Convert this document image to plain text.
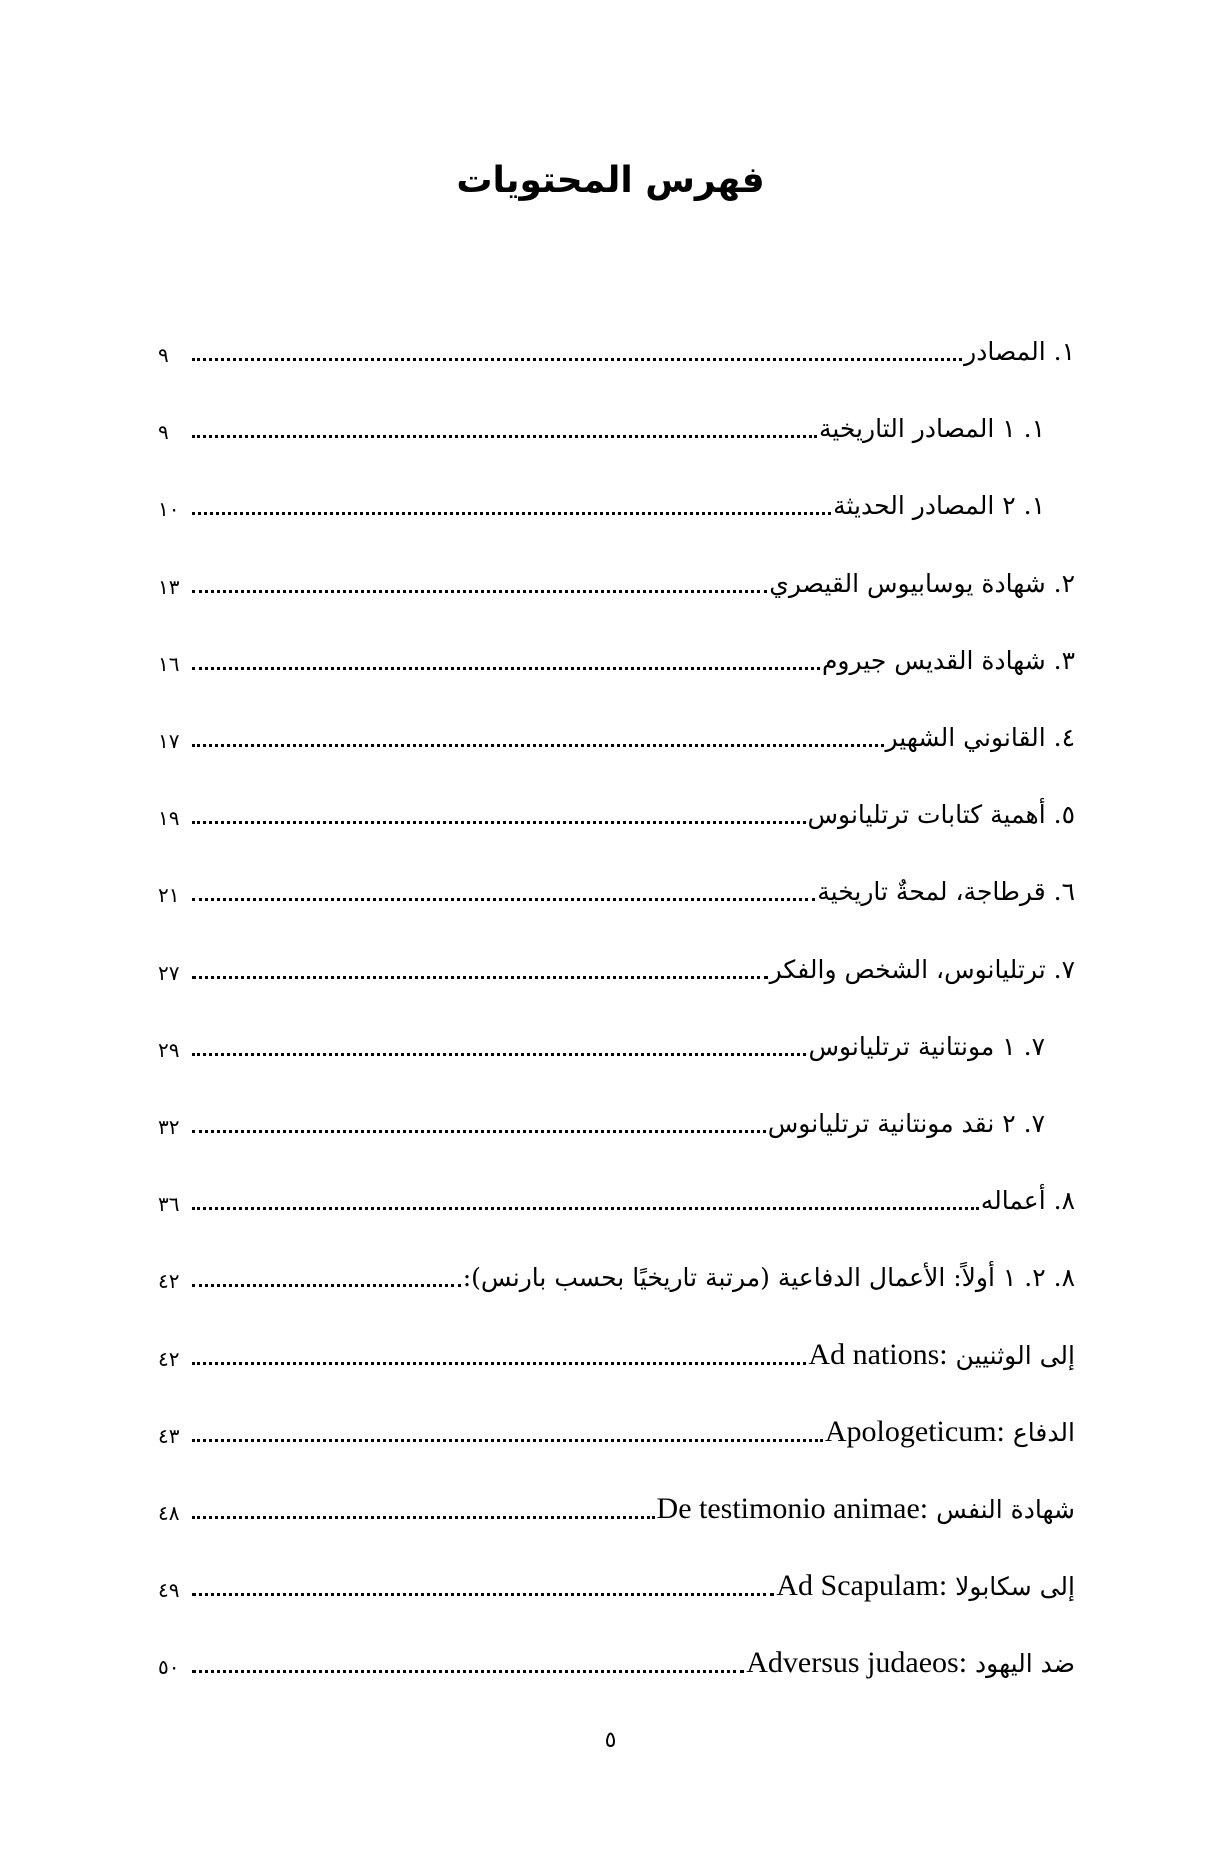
فهرس المحتويات
١. المصادر
٩
١. ١ المصادر التاريخية
٩
١. ٢ المصادر الحديثة
١٠
٢. شهادة يوسابيوس القيصري
١٣
٣. شهادة القديس جيروم
١٦
٤. القانوني الشهير
١٧
٥. أهمية كتابات ترتليانوس
١٩
٦. قرطاجة، لمحةٌ تاريخية
٢١
٧. ترتليانوس، الشخص والفكر
٢٧
٧. ١ مونتانية ترتليانوس
٢٩
٧. ٢ نقد مونتانية ترتليانوس
٣٢
٨. أعماله
٣٦
٨. ٢. ١ أولاً: الأعمال الدفاعية (مرتبة تاريخيًا بحسب بارنس):
٤٢
إلى الوثنيين Ad nations:
٤٢
الدفاع Apologeticum:
٤٣
شهادة النفس De testimonio animae:
٤٨
إلى سكابولا Ad Scapulam:
٤٩
ضد اليهود Adversus judaeos:
٥٠
٥
